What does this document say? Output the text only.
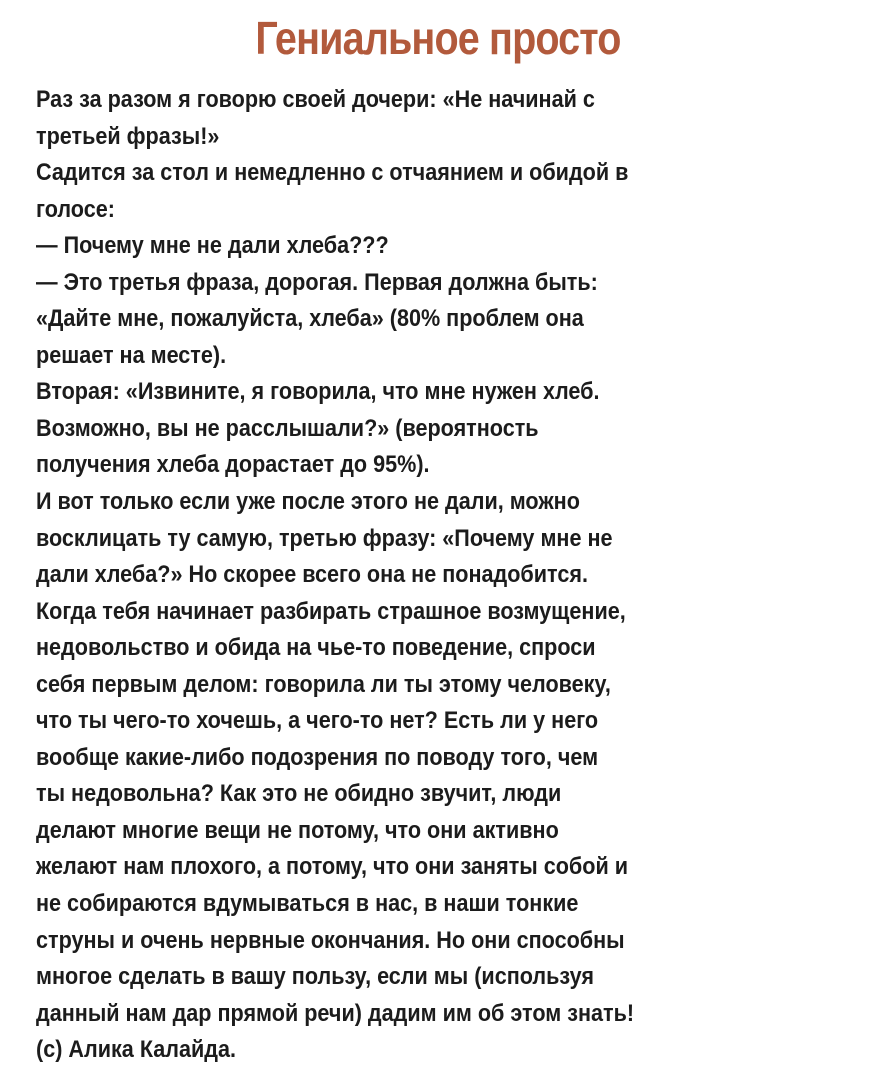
Гениальное просто
Раз за разом я говорю своей дочери: «Не начинай с
третьей фразы!»
Садится за стол и немедленно с отчаянием и обидой в
голосе:
— Почему мне не дали хлеба???
— Это третья фраза, дорогая. Первая должна быть:
«Дайте мне, пожалуйста, хлеба» (80% проблем она
решает на месте).
Вторая: «Извините, я говорила, что мне нужен хлеб.
Возможно, вы не расслышали?» (вероятность
получения хлеба дорастает до 95%).
И вот только если уже после этого не дали, можно
восклицать ту самую, третью фразу: «Почему мне не
дали хлеба?» Но скорее всего она не понадобится.
Когда тебя начинает разбирать страшное возмущение,
недовольство и обида на чье-то поведение, спроси
себя первым делом: говорила ли ты этому человеку,
что ты чего-то хочешь, а чего-то нет? Есть ли у него
вообще какие-либо подозрения по поводу того, чем
ты недовольна? Как это не обидно звучит, люди
делают многие вещи не потому, что они активно
желают нам плохого, а потому, что они заняты собой и
не собираются вдумываться в нас, в наши тонкие
струны и очень нервные окончания. Но они способны
многое сделать в вашу пользу, если мы (используя
данный нам дар прямой речи) дадим им об этом знать!
(c) Алика Калайда.
